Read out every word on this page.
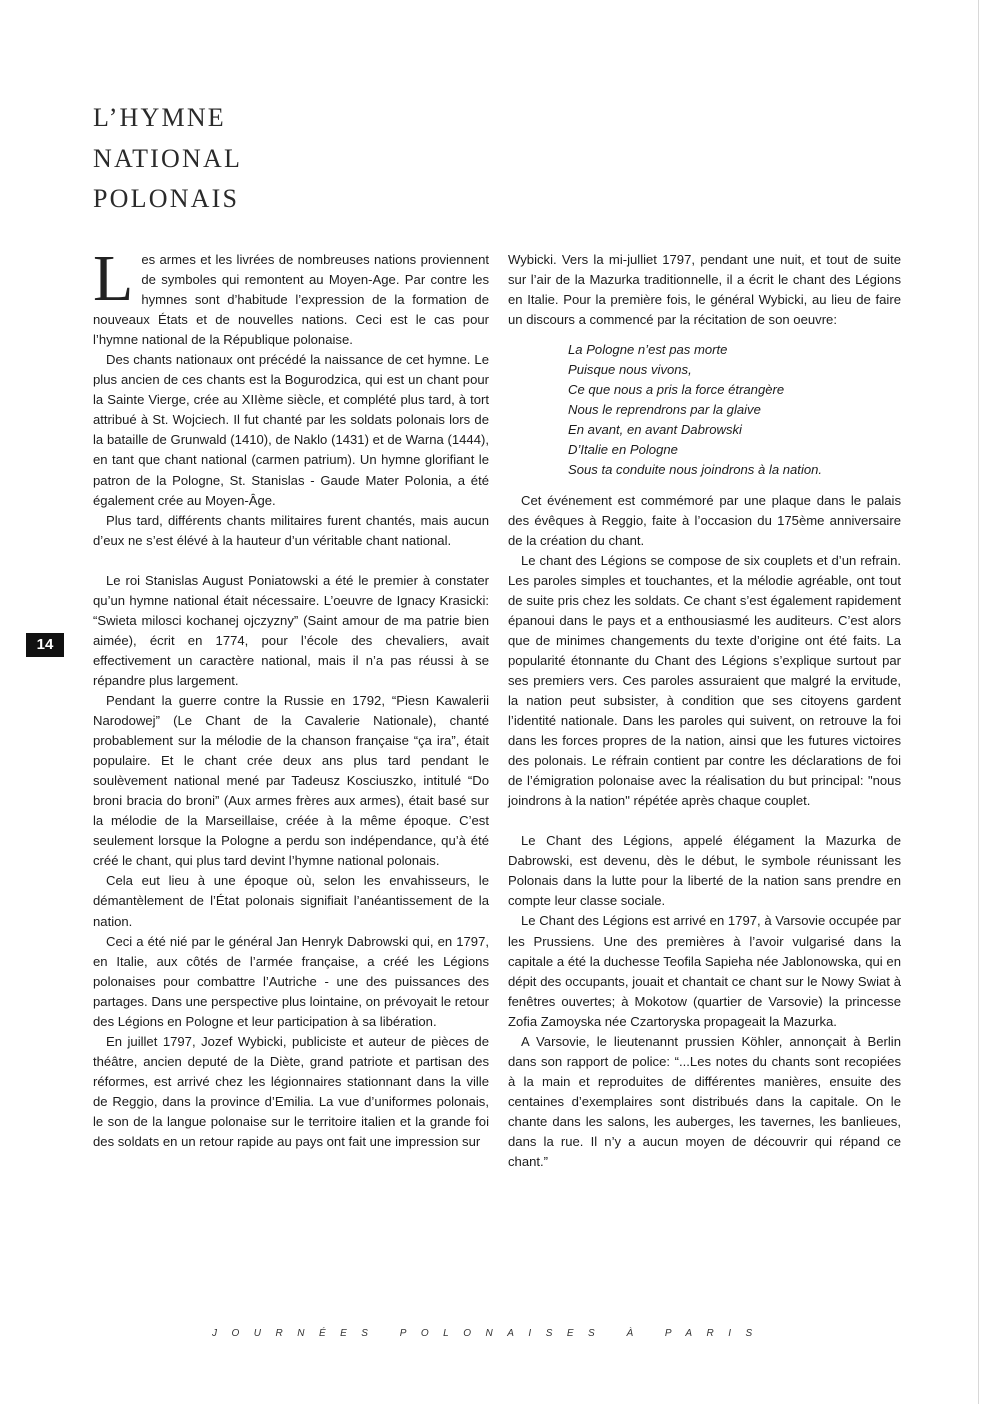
L’HYMNE
NATIONAL
POLONAIS
14

Les armes et les livrées de nombreuses nations proviennent de symboles qui remontent au Moyen-Age. Par contre les hymnes sont d’habitude l’expression de la formation de nouveaux États et de nouvelles nations. Ceci est le cas pour l’hymne national de la République polonaise.

Des chants nationaux ont précédé la naissance de cet hymne. Le plus ancien de ces chants est la Bogurodzica, qui est un chant pour la Sainte Vierge, crée au XIIème siècle, et complété plus tard, à tort attribué à St. Wojciech. Il fut chanté par les soldats polonais lors de la bataille de Grunwald (1410), de Naklo (1431) et de Warna (1444), en tant que chant national (carmen patrium). Un hymne glorifiant le patron de la Pologne, St. Stanislas - Gaude Mater Polonia, a été également crée au Moyen-Âge.

Plus tard, différents chants militaires furent chantés, mais aucun d’eux ne s’est élévé à la hauteur d’un véritable chant national.

Le roi Stanislas August Poniatowski a été le premier à constater qu’un hymne national était nécessaire. L’oeuvre de Ignacy Krasicki: “Swieta milosci kochanej ojczyzny” (Saint amour de ma patrie bien aimée), écrit en 1774, pour l’école des chevaliers, avait effectivement un caractère national, mais il n’a pas réussi à se répandre plus largement.

Pendant la guerre contre la Russie en 1792, “Piesn Kawalerii Narodowej” (Le Chant de la Cavalerie Nationale), chanté probablement sur la mélodie de la chanson française “ça ira”, était populaire. Et le chant crée deux ans plus tard pendant le soulèvement national mené par Tadeusz Kosciuszko, intitulé “Do broni bracia do broni” (Aux armes frères aux armes), était basé sur la mélodie de la Marseillaise, créée à la même époque. C’est seulement lorsque la Pologne a perdu son indépendance, qu’à été créé le chant, qui plus tard devint l’hymne national polonais.

Cela eut lieu à une époque où, selon les envahisseurs, le démantèlement de l’État polonais signifiait l’anéantissement de la nation.

Ceci a été nié par le général Jan Henryk Dabrowski qui, en 1797, en Italie, aux côtés de l’armée française, a créé les Légions polonaises pour combattre l’Autriche - une des puissances des partages. Dans une perspective plus lointaine, on prévoyait le retour des Légions en Pologne et leur participation à sa libération.

En juillet 1797, Jozef Wybicki, publiciste et auteur de pièces de théâtre, ancien deputé de la Diète, grand patriote et partisan des réformes, est arrivé chez les légionnaires stationnant dans la ville de Reggio, dans la province d’Emilia. La vue d’uniformes polonais, le son de la langue polonaise sur le territoire italien et la grande foi des soldats en un retour rapide au pays ont fait une impression sur

Wybicki. Vers la mi-julliet 1797, pendant une nuit, et tout de suite sur l’air de la Mazurka traditionnelle, il a écrit le chant des Légions en Italie. Pour la première fois, le général Wybicki, au lieu de faire un discours a commencé par la récitation de son oeuvre:

La Pologne n’est pas morte
Puisque nous vivons,
Ce que nous a pris la force étrangère
Nous le reprendrons par la glaive
En avant, en avant Dabrowski
D’Italie en Pologne
Sous ta conduite nous joindrons à la nation.

Cet événement est commémoré par une plaque dans le palais des évêques à Reggio, faite à l’occasion du 175ème anniversaire de la création du chant.

Le chant des Légions se compose de six couplets et d’un refrain. Les paroles simples et touchantes, et la mélodie agréable, ont tout de suite pris chez les soldats. Ce chant s’est également rapidement épanoui dans le pays et a enthousiasmé les auditeurs. C’est alors que de minimes changements du texte d’origine ont été faits. La popularité étonnante du Chant des Légions s’explique surtout par ses premiers vers. Ces paroles assuraient que malgré la ervitude, la nation peut subsister, à condition que ses citoyens gardent l’identité nationale. Dans les paroles qui suivent, on retrouve la foi dans les forces propres de la nation, ainsi que les futures victoires des polonais. Le réfrain contient par contre les déclarations de foi de l’émigration polonaise avec la réalisation du but principal: "nous joindrons à la nation" répétée après chaque couplet.

Le Chant des Légions, appelé élégament la Mazurka de Dabrowski, est devenu, dès le début, le symbole réunissant les Polonais dans la lutte pour la liberté de la nation sans prendre en compte leur classe sociale.

Le Chant des Légions est arrivé en 1797, à Varsovie occupée par les Prussiens. Une des premières à l’avoir vulgarisé dans la capitale a été la duchesse Teofila Sapieha née Jablonowska, qui en dépit des occupants, jouait et chantait ce chant sur le Nowy Swiat à fenêtres ouvertes; à Mokotow (quartier de Varsovie) la princesse Zofia Zamoyska née Czartoryska propageait la Mazurka.

A Varsovie, le lieutenannt prussien Köhler, annonçait à Berlin dans son rapport de police: “...Les notes du chants sont recopiées à la main et reproduites de différentes manières, ensuite des centaines d’exemplaires sont distribués dans la capitale. On le chante dans les salons, les auberges, les tavernes, les banlieues, dans la rue. Il n’y a aucun moyen de découvrir qui répand ce chant.”

JOURNÉES POLONAISES À PARIS
